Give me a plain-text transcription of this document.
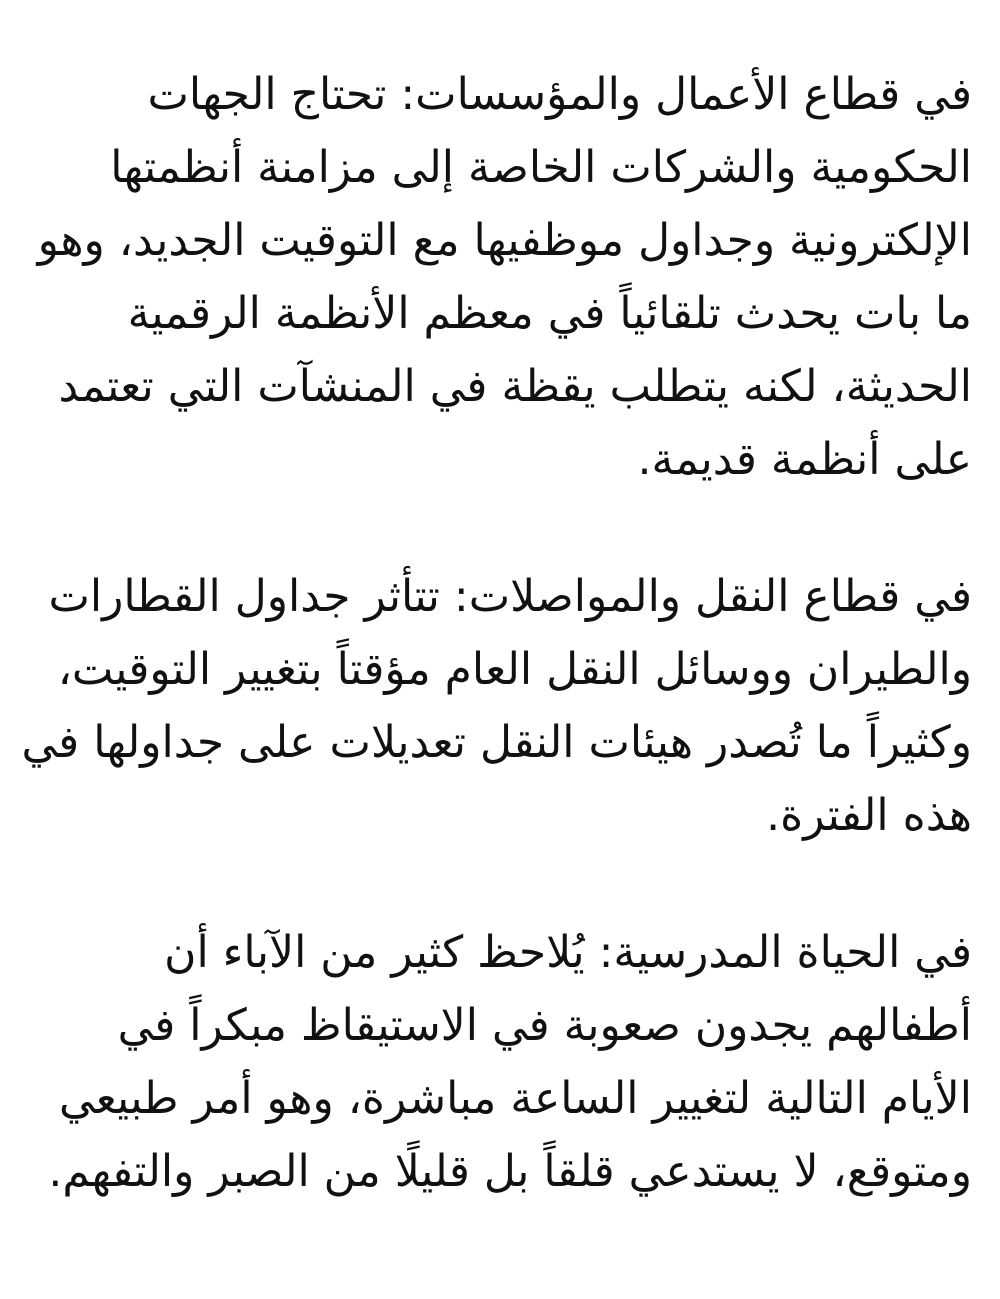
في قطاع الأعمال والمؤسسات: تحتاج الجهات الحكومية والشركات الخاصة إلى مزامنة أنظمتها الإلكترونية وجداول موظفيها مع التوقيت الجديد، وهو ما بات يحدث تلقائياً في معظم الأنظمة الرقمية الحديثة، لكنه يتطلب يقظة في المنشآت التي تعتمد على أنظمة قديمة.

في قطاع النقل والمواصلات: تتأثر جداول القطارات والطيران ووسائل النقل العام مؤقتاً بتغيير التوقيت، وكثيراً ما تُصدر هيئات النقل تعديلات على جداولها في هذه الفترة.

في الحياة المدرسية: يُلاحظ كثير من الآباء أن أطفالهم يجدون صعوبة في الاستيقاظ مبكراً في الأيام التالية لتغيير الساعة مباشرة، وهو أمر طبيعي ومتوقع، لا يستدعي قلقاً بل قليلًا من الصبر والتفهم.
